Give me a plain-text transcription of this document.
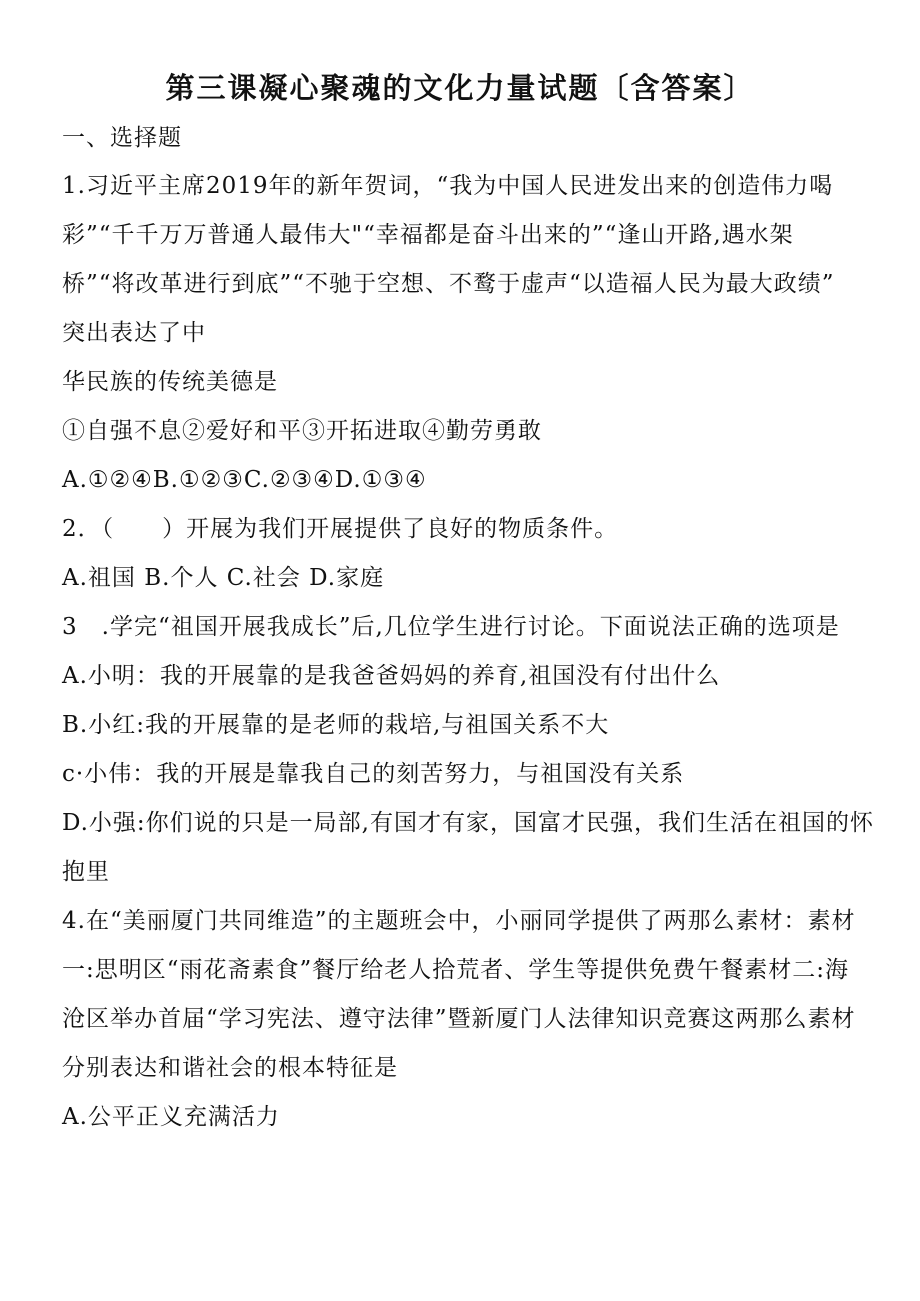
第三课凝心聚魂的文化力量试题〔含答案〕
一、选择题
1.习近平主席2019年的新年贺词，“我为中国人民进发出来的创造伟力喝
彩”“千千万万普通人最伟大"“幸福都是奋斗出来的”“逢山开路,遇水架
桥”“将改革进行到底”“不驰于空想、不鹜于虚声“以造福人民为最大政绩”
突出表达了中
华民族的传统美德是
①自强不息②爱好和平③开拓进取④勤劳勇敢
A.①②④B.①②③C.②③④D.①③④
2．（　　）开展为我们开展提供了良好的物质条件。
A.祖国 B.个人 C.社会 D.家庭
3　.学完“祖国开展我成长”后,几位学生进行讨论。下面说法正确的选项是
A.小明：我的开展靠的是我爸爸妈妈的养育,祖国没有付出什么
B.小红:我的开展靠的是老师的栽培,与祖国关系不大
c·小伟：我的开展是靠我自己的刻苦努力，与祖国没有关系
D.小强:你们说的只是一局部,有国才有家，国富才民强，我们生活在祖国的怀
抱里
4.在“美丽厦门共同维造”的主题班会中，小丽同学提供了两那么素材：素材
一:思明区“雨花斋素食”餐厅给老人拾荒者、学生等提供免费午餐素材二:海
沧区举办首届“学习宪法、遵守法律”暨新厦门人法律知识竞赛这两那么素材
分别表达和谐社会的根本特征是
A.公平正义充满活力
